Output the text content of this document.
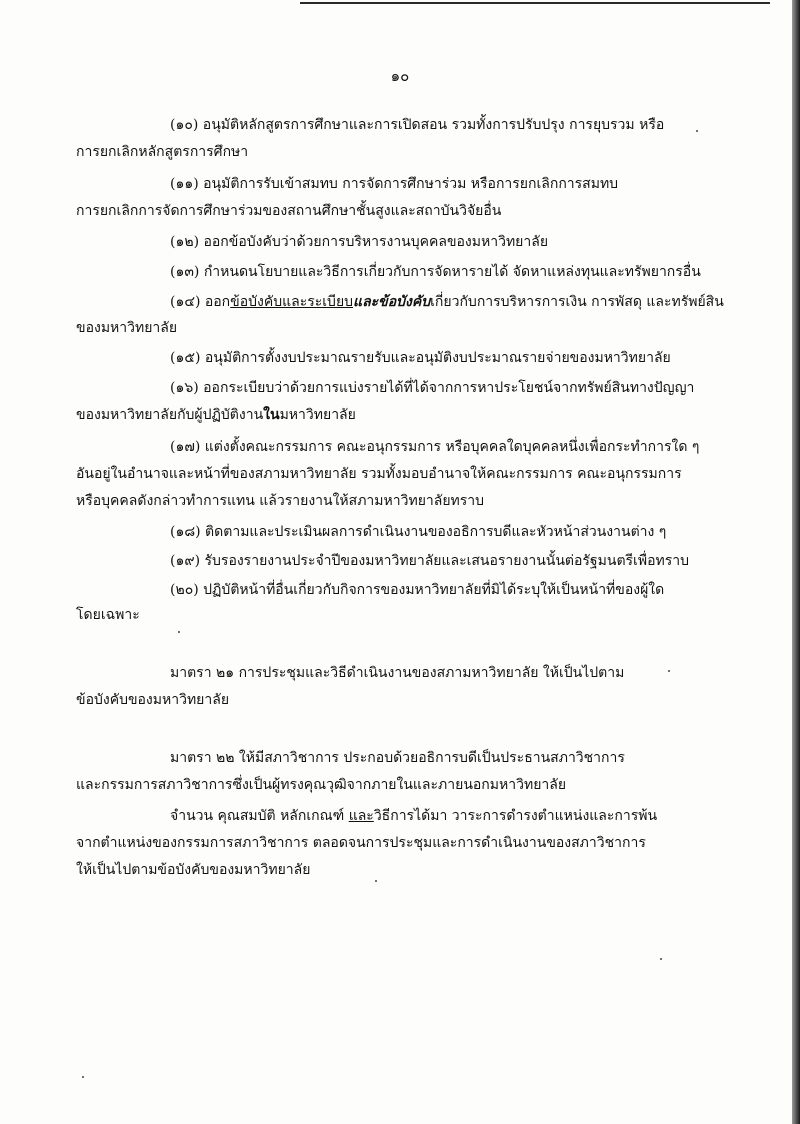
๑๐
(๑๐) อนุมัติหลักสูตรการศึกษาและการเปิดสอน รวมทั้งการปรับปรุง การยุบรวม หรือ
การยกเลิกหลักสูตรการศึกษา
(๑๑) อนุมัติการรับเข้าสมทบ การจัดการศึกษาร่วม หรือการยกเลิกการสมทบ
การยกเลิกการจัดการศึกษาร่วมของสถานศึกษาชั้นสูงและสถาบันวิจัยอื่น
(๑๒) ออกข้อบังคับว่าด้วยการบริหารงานบุคคลของมหาวิทยาลัย
(๑๓) กำหนดนโยบายและวิธีการเกี่ยวกับการจัดหารายได้ จัดหาแหล่งทุนและทรัพยากรอื่น
(๑๔) ออกข้อบังคับและระเบียบและข้อบังคับเกี่ยวกับการบริหารการเงิน การพัสดุ และทรัพย์สิน
ของมหาวิทยาลัย
(๑๕) อนุมัติการตั้งงบประมาณรายรับและอนุมัติงบประมาณรายจ่ายของมหาวิทยาลัย
(๑๖) ออกระเบียบว่าด้วยการแบ่งรายได้ที่ได้จากการหาประโยชน์จากทรัพย์สินทางปัญญา
ของมหาวิทยาลัยกับผู้ปฏิบัติงานในมหาวิทยาลัย
(๑๗) แต่งตั้งคณะกรรมการ คณะอนุกรรมการ หรือบุคคลใดบุคคลหนึ่งเพื่อกระทำการใด ๆ
อันอยู่ในอำนาจและหน้าที่ของสภามหาวิทยาลัย รวมทั้งมอบอำนาจให้คณะกรรมการ คณะอนุกรรมการ
หรือบุคคลดังกล่าวทำการแทน แล้วรายงานให้สภามหาวิทยาลัยทราบ
(๑๘) ติดตามและประเมินผลการดำเนินงานของอธิการบดีและหัวหน้าส่วนงานต่าง ๆ
(๑๙) รับรองรายงานประจำปีของมหาวิทยาลัยและเสนอรายงานนั้นต่อรัฐมนตรีเพื่อทราบ
(๒๐) ปฏิบัติหน้าที่อื่นเกี่ยวกับกิจการของมหาวิทยาลัยที่มิได้ระบุให้เป็นหน้าที่ของผู้ใด
โดยเฉพาะ
มาตรา ๒๑ การประชุมและวิธีดำเนินงานของสภามหาวิทยาลัย ให้เป็นไปตาม
ข้อบังคับของมหาวิทยาลัย
มาตรา ๒๒ ให้มีสภาวิชาการ ประกอบด้วยอธิการบดีเป็นประธานสภาวิชาการ
และกรรมการสภาวิชาการซึ่งเป็นผู้ทรงคุณวุฒิจากภายในและภายนอกมหาวิทยาลัย
จำนวน คุณสมบัติ หลักเกณฑ์ และวิธีการได้มา วาระการดำรงตำแหน่งและการพ้น
จากตำแหน่งของกรรมการสภาวิชาการ ตลอดจนการประชุมและการดำเนินงานของสภาวิชาการ
ให้เป็นไปตามข้อบังคับของมหาวิทยาลัย
